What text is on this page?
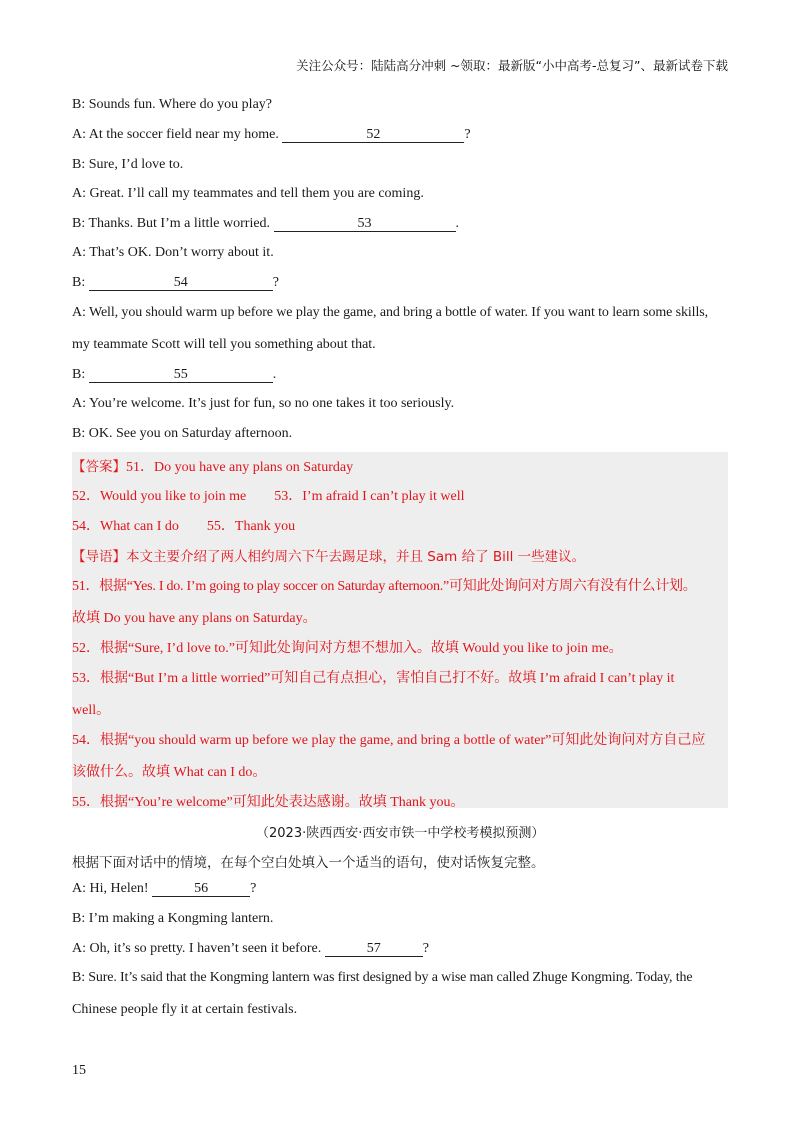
关注公众号：陆陆高分冲刺 ~领取：最新版“小中高考-总复习”、最新试卷下载
B: Sounds fun. Where do you play?
A: At the soccer field near my home.	52	?
B: Sure, I’d love to.
A: Great. I’ll call my teammates and tell them you are coming.
B: Thanks. But I’m a little worried.	53	.
A: That’s OK. Don’t worry about it.
B:	54	?
A: Well, you should warm up before we play the game, and bring a bottle of water. If you want to learn some skills,
my teammate Scott will tell you something about that.
B:	55	.
A: You’re welcome. It’s just for fun, so no one takes it too seriously.
B: OK. See you on Saturday afternoon.
【答案】51．Do you have any plans on Saturday
52．Would you like to join me 53．I’m afraid I can’t play it well
54．What can I do 55．Thank you
【导语】本文主要介绍了两人相约周六下午去踢足球，并且 Sam 给了 Bill 一些建议。
51．根据“Yes. I do. I’m going to play soccer on Saturday afternoon.”可知此处询问对方周六有没有什么计划。
故填 Do you have any plans on Saturday。
52．根据“Sure, I’d love to.”可知此处询问对方想不想加入。故填 Would you like to join me。
53．根据“But I’m a little worried”可知自己有点担心，害怕自己打不好。故填 I’m afraid I can’t play it
well。
54．根据“you should warm up before we play the game, and bring a bottle of water”可知此处询问对方自己应
该做什么。故填 What can I do。
55．根据“You’re welcome”可知此处表达感谢。故填 Thank you。
（2023·陕西西安·西安市铁一中学校考模拟预测）
根据下面对话中的情境，在每个空白处填入一个适当的语句，使对话恢复完整。
A: Hi, Helen!	56	?
B: I’m making a Kongming lantern.
A: Oh, it’s so pretty. I haven’t seen it before.	57	?
B: Sure. It’s said that the Kongming lantern was first designed by a wise man called Zhuge Kongming. Today, the
Chinese people fly it at certain festivals.
15
